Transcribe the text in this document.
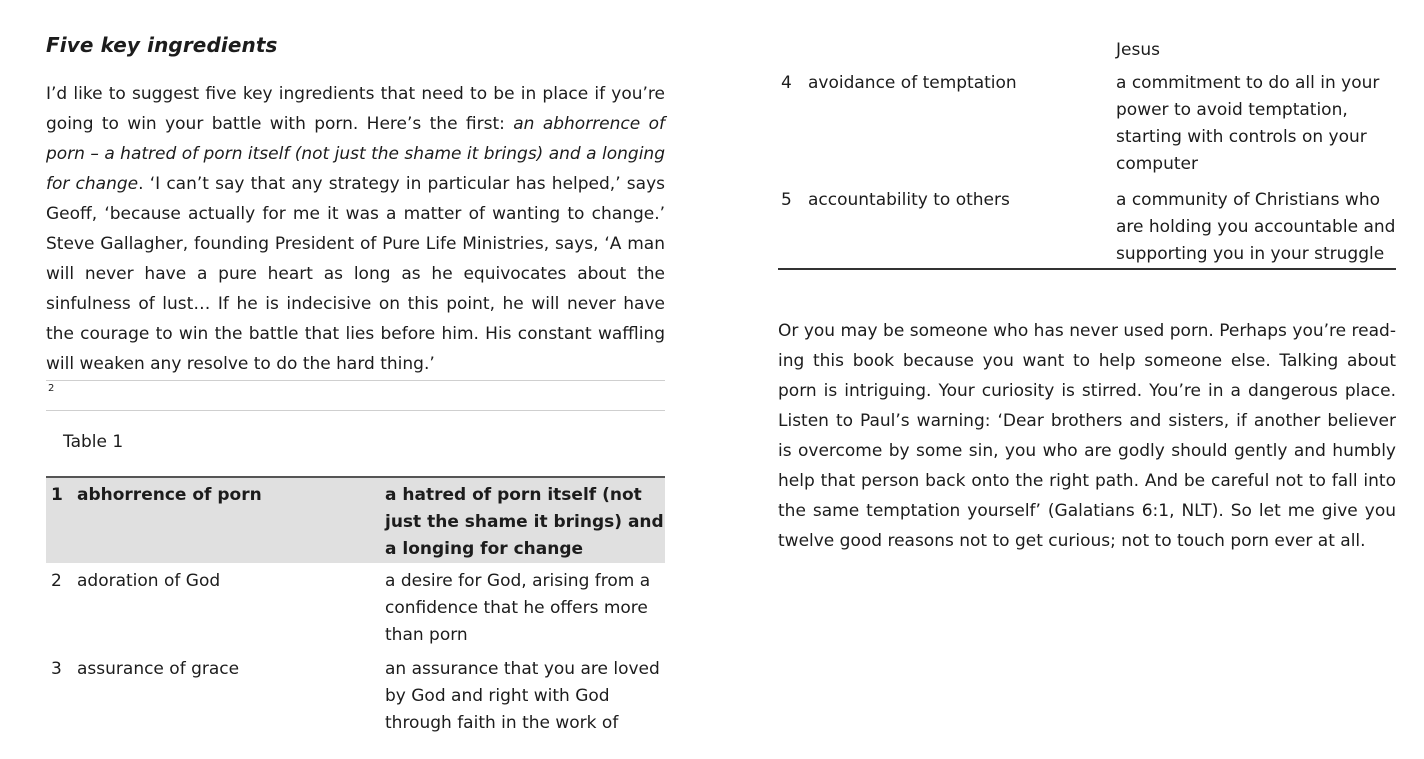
Five key ingredients

I’d like to suggest five key ingredients that need to be in place if you’re going to win your battle with porn. Here’s the first: an abhorrence of porn – a hatred of porn itself (not just the shame it brings) and a longing for change. ‘I can’t say that any strategy in particular has helped,’ says Geoff, ‘because actually for me it was a matter of wanting to change.’ Steve Gallagher, founding President of Pure Life Ministries, says, ‘A man will never have a pure heart as long as he equivocates about the sinfulness of lust… If he is indecisive on this point, he will never have the courage to win the battle that lies before him. His constant waffling will weaken any resolve to do the hard thing.’

2
Table 1
1	abhorrence of porn	a hatred of porn itself (not just the shame it brings) and a longing for change
2	adoration of God	a desire for God, arising from a confidence that he offers more than porn
3	assurance of grace	an assurance that you are loved by God and right with God through faith in the work of
Jesus
4	avoidance of temptation	a commitment to do all in your power to avoid temptation, starting with controls on your computer
5	accountability to others	a community of Christians who are holding you accountable and supporting you in your struggle

Or you may be someone who has never used porn. Perhaps you’re reading this book because you want to help someone else. Talking about porn is intriguing. Your curiosity is stirred. You’re in a dangerous place. Listen to Paul’s warning: ‘Dear brothers and sisters, if another believer is overcome by some sin, you who are godly should gently and humbly help that person back onto the right path. And be careful not to fall into the same temptation yourself’ (Galatians 6:1, NLT). So let me give you twelve good reasons not to get curious; not to touch porn ever at all.
